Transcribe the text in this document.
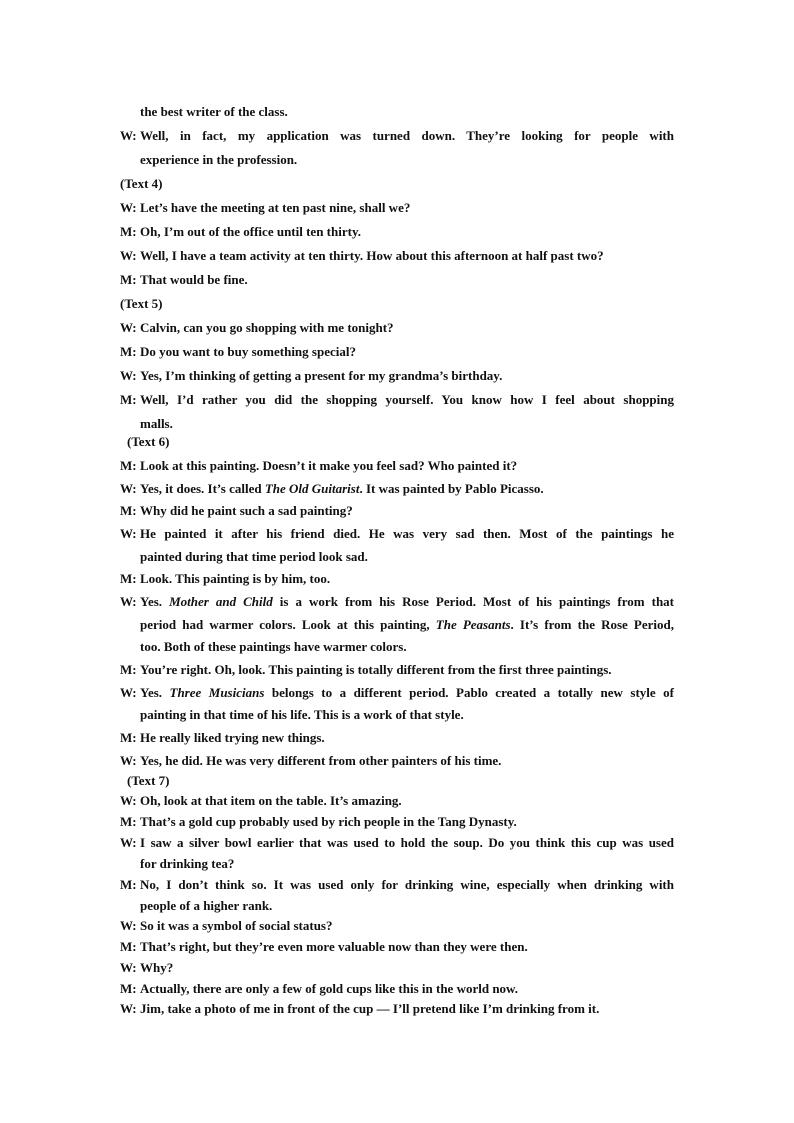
the best writer of the class.
W: Well, in fact, my application was turned down. They’re looking for people with
experience in the profession.
(Text 4)
W: Let’s have the meeting at ten past nine, shall we?
M: Oh, I’m out of the office until ten thirty.
W: Well, I have a team activity at ten thirty. How about this afternoon at half past two?
M: That would be fine.
(Text 5)
W: Calvin, can you go shopping with me tonight?
M: Do you want to buy something special?
W: Yes, I’m thinking of getting a present for my grandma’s birthday.
M: Well, I’d rather you did the shopping yourself. You know how I feel about shopping
malls.
(Text 6)
M: Look at this painting. Doesn’t it make you feel sad? Who painted it?
W: Yes, it does. It’s called The Old Guitarist. It was painted by Pablo Picasso.
M: Why did he paint such a sad painting?
W: He painted it after his friend died. He was very sad then. Most of the paintings he
painted during that time period look sad.
M: Look. This painting is by him, too.
W: Yes. Mother and Child is a work from his Rose Period. Most of his paintings from that
period had warmer colors. Look at this painting, The Peasants. It’s from the Rose Period,
too. Both of these paintings have warmer colors.
M: You’re right. Oh, look. This painting is totally different from the first three paintings.
W: Yes. Three Musicians belongs to a different period. Pablo created a totally new style of
painting in that time of his life. This is a work of that style.
M: He really liked trying new things.
W: Yes, he did. He was very different from other painters of his time.
(Text 7)
W: Oh, look at that item on the table. It’s amazing.
M: That’s a gold cup probably used by rich people in the Tang Dynasty.
W: I saw a silver bowl earlier that was used to hold the soup. Do you think this cup was used
for drinking tea?
M: No, I don’t think so. It was used only for drinking wine, especially when drinking with
people of a higher rank.
W: So it was a symbol of social status?
M: That’s right, but they’re even more valuable now than they were then.
W: Why?
M: Actually, there are only a few of gold cups like this in the world now.
W: Jim, take a photo of me in front of the cup — I’ll pretend like I’m drinking from it.
